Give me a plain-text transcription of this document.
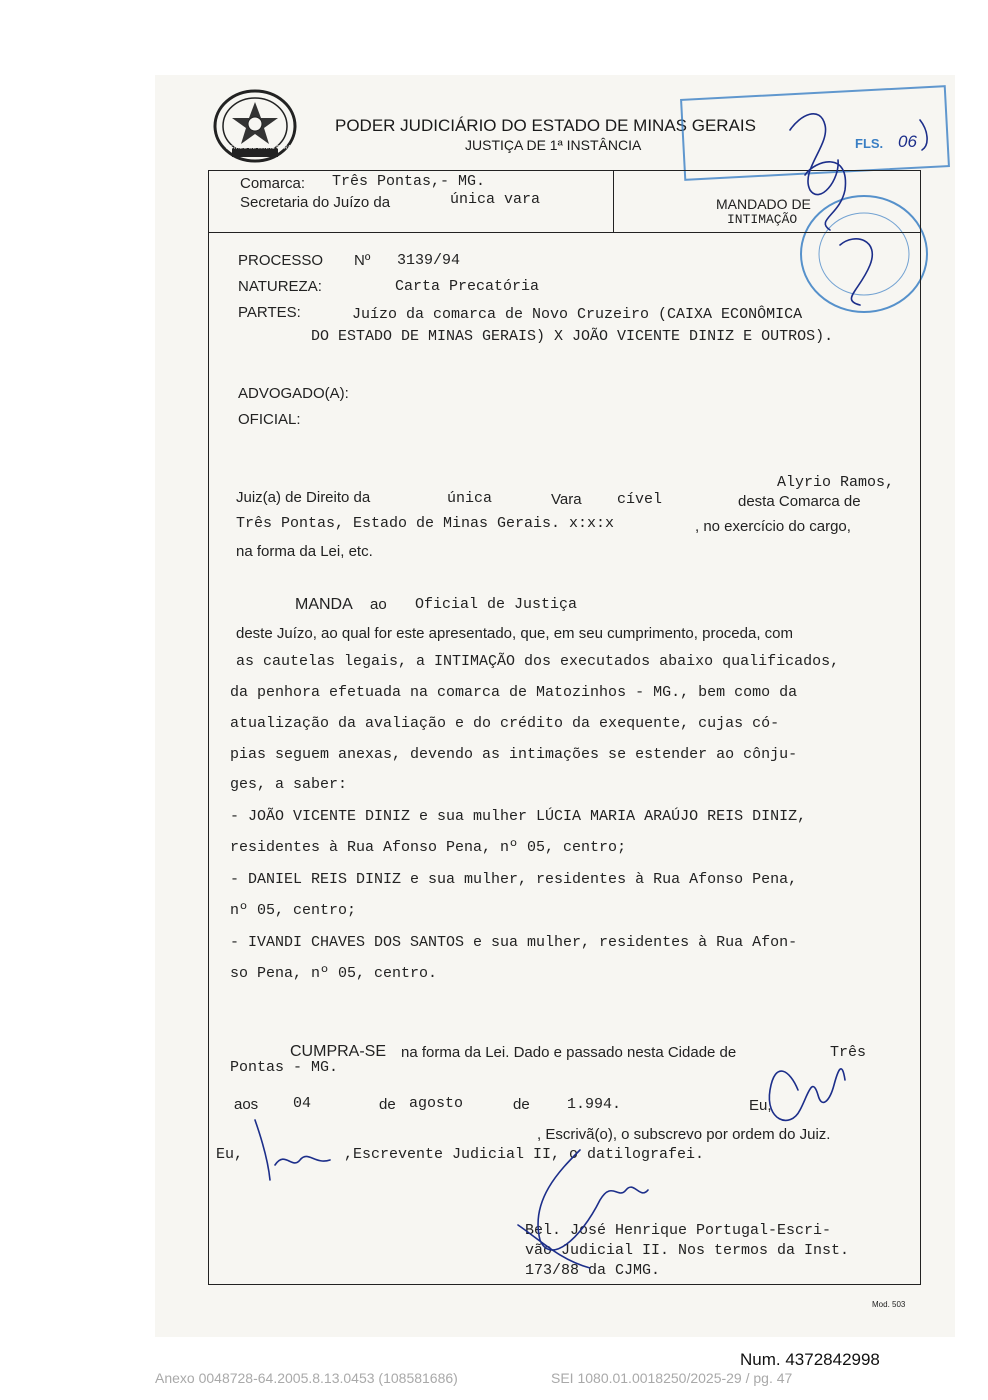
ESTADO DE MINAS GERAIS
PODER JUDICIÁRIO DO ESTADO DE MINAS GERAIS
JUSTIÇA DE 1ª INSTÂNCIA	FLS. 06
Comarca: Três Pontas,- MG.
Secretaria do Juízo da	única vara	MANDADO DE
INTIMAÇÃO
PROCESSO Nº 3139/94
NATUREZA:	Carta Precatória
PARTES:	Juízo da comarca de Novo Cruzeiro (CAIXA ECONÔMICA
DO ESTADO DE MINAS GERAIS) X JOÃO VICENTE DINIZ E OUTROS).
ADVOGADO(A):
OFICIAL:
Alyrio Ramos,
Juiz(a) de Direito da	única	Vara cível	desta Comarca de
Três Pontas, Estado de Minas Gerais. x:x:x	, no exercício do cargo,
na forma da Lei, etc.
MANDA ao Oficial de Justiça
deste Juízo, ao qual for este apresentado, que, em seu cumprimento, proceda, com
as cautelas legais, a INTIMAÇÃO dos executados abaixo qualificados,
da penhora efetuada na comarca de Matozinhos - MG., bem como da
atualização da avaliação e do crédito da exequente, cujas có-
pias seguem anexas, devendo as intimações se estender ao cônju-
ges, a saber:
- JOÃO VICENTE DINIZ e sua mulher LÚCIA MARIA ARAÚJO REIS DINIZ,
residentes à Rua Afonso Pena, nº 05, centro;
- DANIEL REIS DINIZ e sua mulher, residentes à Rua Afonso Pena,
nº 05, centro;
- IVANDI CHAVES DOS SANTOS e sua mulher, residentes à Rua Afon-
so Pena, nº 05, centro.
CUMPRA-SE na forma da Lei. Dado e passado nesta Cidade de	Três
Pontas - MG.
aos 04	de agosto	de 1.994.	Eu,
, Escrivã(o), o subscrevo por ordem do Juiz.
Eu,	,Escrevente Judicial II, o datilografei.
Bel. José Henrique Portugal-Escri-
vão Judicial II. Nos termos da Inst.
173/88 da CJMG.
Mod. 503
Num. 4372842998
Anexo 0048728-64.2005.8.13.0453 (108581686)	SEI 1080.01.0018250/2025-29 / pg. 47
